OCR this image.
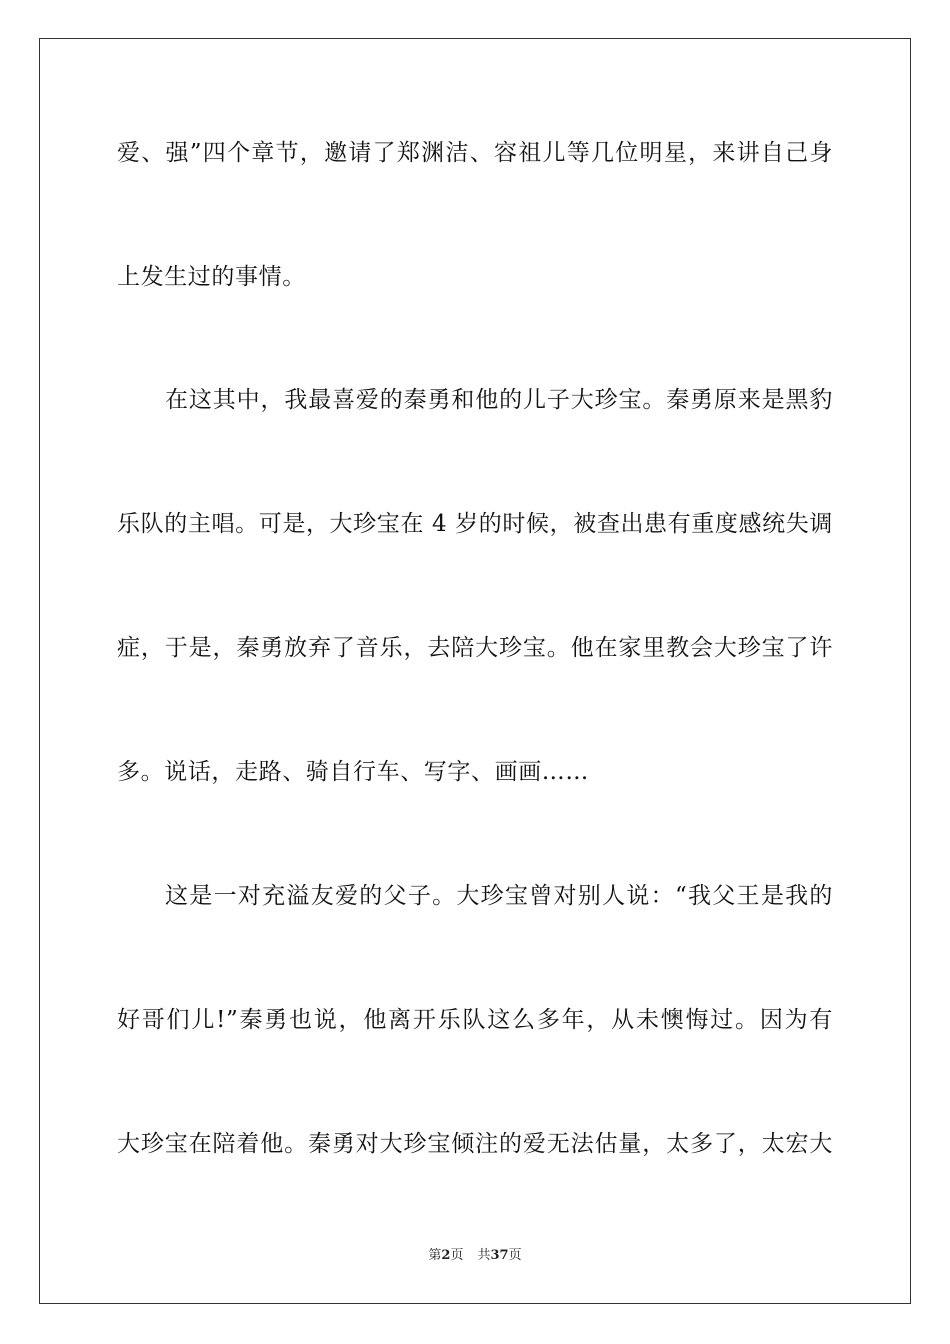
爱、强”四个章节，邀请了郑渊洁、容祖儿等几位明星，来讲自己身
上发生过的事情。
在这其中，我最喜爱的秦勇和他的儿子大珍宝。秦勇原来是黑豹
乐队的主唱。可是，大珍宝在 4 岁的时候，被查出患有重度感统失调
症，于是，秦勇放弃了音乐，去陪大珍宝。他在家里教会大珍宝了许
多。说话，走路、骑自行车、写字、画画……
这是一对充溢友爱的父子。大珍宝曾对别人说：“我父王是我的
好哥们儿!”秦勇也说，他离开乐队这么多年，从未懊悔过。因为有
大珍宝在陪着他。秦勇对大珍宝倾注的爱无法估量，太多了，太宏大
第2页 共37页
